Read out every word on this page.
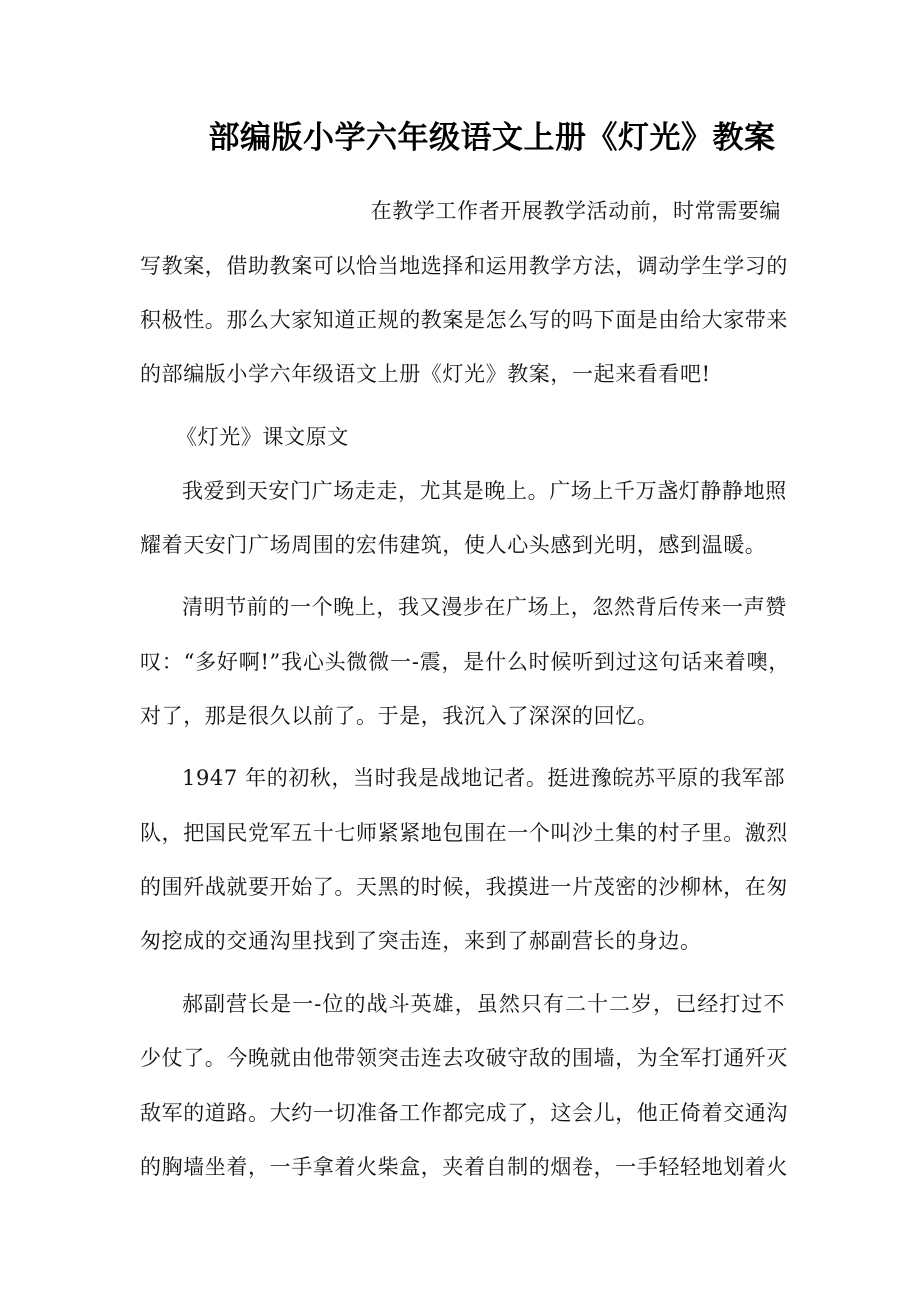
部编版小学六年级语文上册《灯光》教案
在教学工作者开展教学活动前，时常需要编
写教案，借助教案可以恰当地选择和运用教学方法，调动学生学习的
积极性。那么大家知道正规的教案是怎么写的吗下面是由给大家带来
的部编版小学六年级语文上册《灯光》教案，一起来看看吧!
《灯光》课文原文
我爱到天安门广场走走，尤其是晚上。广场上千万盏灯静静地照
耀着天安门广场周围的宏伟建筑，使人心头感到光明，感到温暖。
清明节前的一个晚上，我又漫步在广场上，忽然背后传来一声赞
叹：“多好啊!”我心头微微一-震，是什么时候听到过这句话来着噢，
对了，那是很久以前了。于是，我沉入了深深的回忆。
1947 年的初秋，当时我是战地记者。挺进豫皖苏平原的我军部
队，把国民党军五十七师紧紧地包围在一个叫沙土集的村子里。激烈
的围歼战就要开始了。天黑的时候，我摸进一片茂密的沙柳林，在匆
匆挖成的交通沟里找到了突击连，来到了郝副营长的身边。
郝副营长是一-位的战斗英雄，虽然只有二十二岁，已经打过不
少仗了。今晚就由他带领突击连去攻破守敌的围墙，为全军打通歼灭
敌军的道路。大约一切准备工作都完成了，这会儿，他正倚着交通沟
的胸墙坐着，一手拿着火柴盒，夹着自制的烟卷，一手轻轻地划着火
